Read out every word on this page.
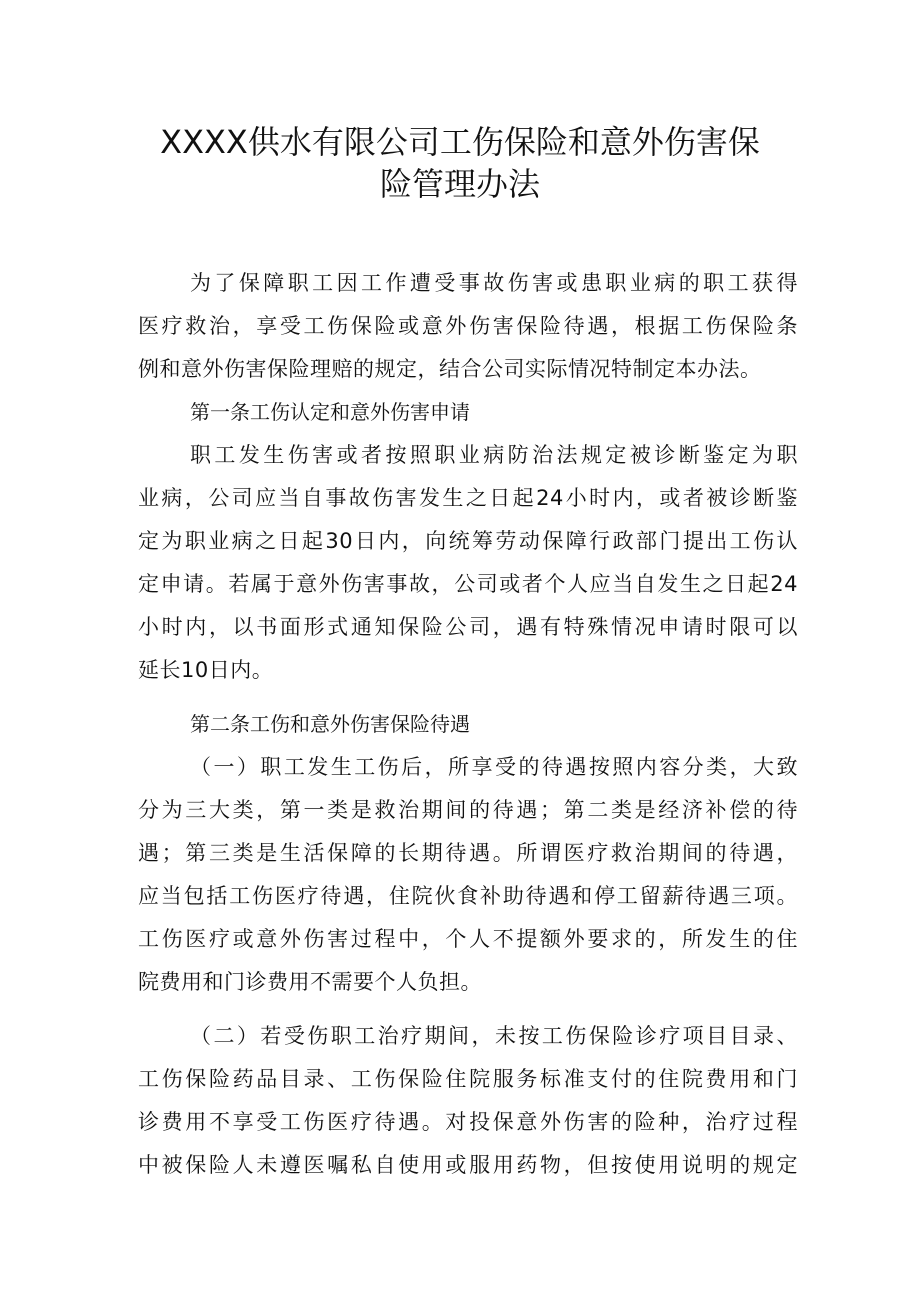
XXXX供水有限公司工伤保险和意外伤害保
险管理办法
为了保障职工因工作遭受事故伤害或患职业病的职工获得
医疗救治，享受工伤保险或意外伤害保险待遇，根据工伤保险条
例和意外伤害保险理赔的规定，结合公司实际情况特制定本办法。
第一条工伤认定和意外伤害申请
职工发生伤害或者按照职业病防治法规定被诊断鉴定为职
业病，公司应当自事故伤害发生之日起24小时内，或者被诊断鉴
定为职业病之日起30日内，向统筹劳动保障行政部门提出工伤认
定申请。若属于意外伤害事故，公司或者个人应当自发生之日起24
小时内，以书面形式通知保险公司，遇有特殊情况申请时限可以
延长10日内。
第二条工伤和意外伤害保险待遇
（一）职工发生工伤后，所享受的待遇按照内容分类，大致
分为三大类，第一类是救治期间的待遇；第二类是经济补偿的待
遇；第三类是生活保障的长期待遇。所谓医疗救治期间的待遇，
应当包括工伤医疗待遇，住院伙食补助待遇和停工留薪待遇三项。
工伤医疗或意外伤害过程中，个人不提额外要求的，所发生的住
院费用和门诊费用不需要个人负担。
（二）若受伤职工治疗期间，未按工伤保险诊疗项目目录、
工伤保险药品目录、工伤保险住院服务标准支付的住院费用和门
诊费用不享受工伤医疗待遇。对投保意外伤害的险种，治疗过程
中被保险人未遵医嘱私自使用或服用药物，但按使用说明的规定
